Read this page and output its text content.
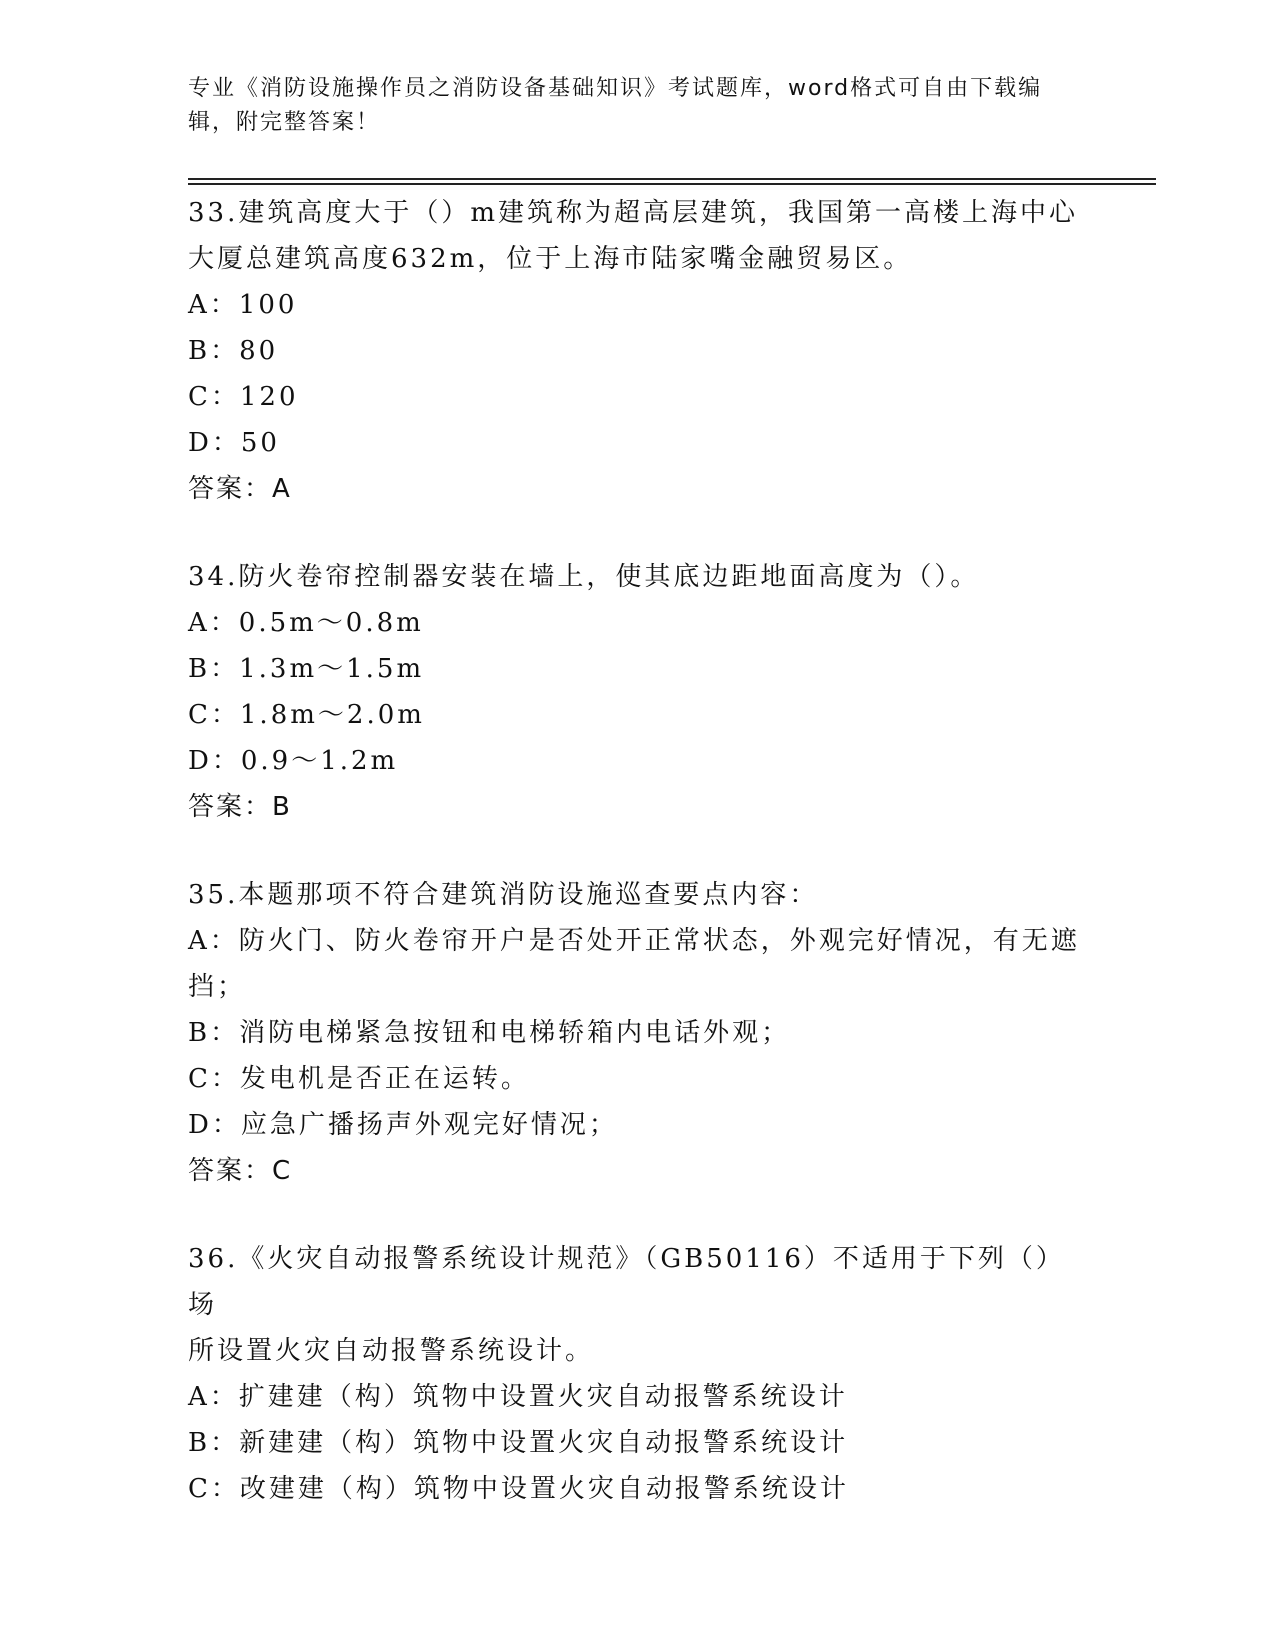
专业《消防设施操作员之消防设备基础知识》考试题库，word格式可自由下载编
辑，附完整答案！
33.建筑高度大于（）m建筑称为超高层建筑，我国第一高楼上海中心
大厦总建筑高度632m，位于上海市陆家嘴金融贸易区。
A：100
B：80
C：120
D：50
答案：A
34.防火卷帘控制器安装在墙上，使其底边距地面高度为（）。
A：0.5m～0.8m
B：1.3m～1.5m
C：1.8m～2.0m
D：0.9～1.2m
答案：B
35.本题那项不符合建筑消防设施巡查要点内容：
A：防火门、防火卷帘开户是否处开正常状态，外观完好情况，有无遮
挡；
B：消防电梯紧急按钮和电梯轿箱内电话外观；
C：发电机是否正在运转。
D：应急广播扬声外观完好情况；
答案：C
36.《火灾自动报警系统设计规范》（GB50116）不适用于下列（）场
所设置火灾自动报警系统设计。
A：扩建建（构）筑物中设置火灾自动报警系统设计
B：新建建（构）筑物中设置火灾自动报警系统设计
C：改建建（构）筑物中设置火灾自动报警系统设计
